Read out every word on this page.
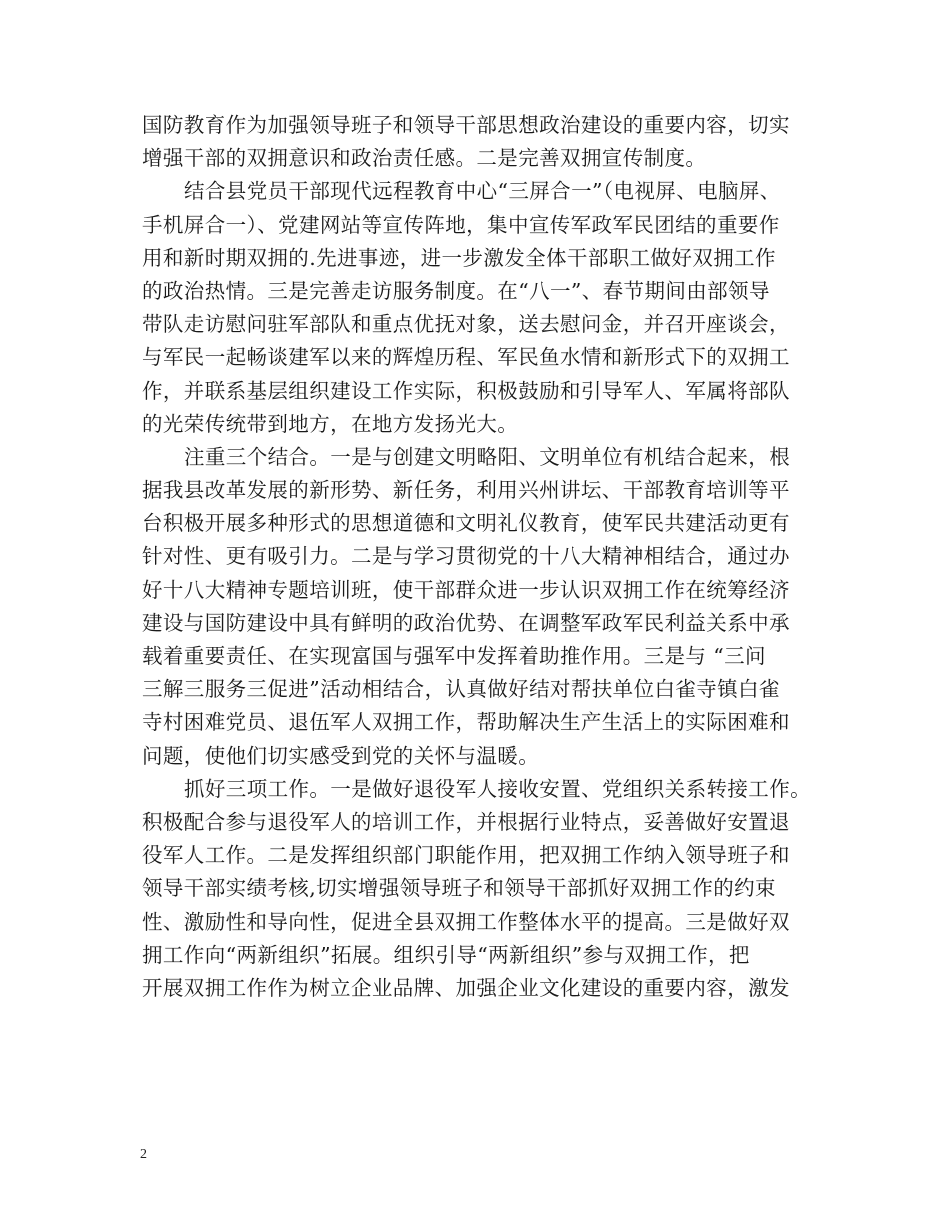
国防教育作为加强领导班子和领导干部思想政治建设的重要内容，切实
增强干部的双拥意识和政治责任感。二是完善双拥宣传制度。
结合县党员干部现代远程教育中心“三屏合一”（电视屏、电脑屏、
手机屏合一）、党建网站等宣传阵地，集中宣传军政军民团结的重要作
用和新时期双拥的.先进事迹，进一步激发全体干部职工做好双拥工作
的政治热情。三是完善走访服务制度。在“八一”、春节期间由部领导
带队走访慰问驻军部队和重点优抚对象，送去慰问金，并召开座谈会，
与军民一起畅谈建军以来的辉煌历程、军民鱼水情和新形式下的双拥工
作，并联系基层组织建设工作实际，积极鼓励和引导军人、军属将部队
的光荣传统带到地方，在地方发扬光大。
注重三个结合。一是与创建文明略阳、文明单位有机结合起来，根
据我县改革发展的新形势、新任务，利用兴州讲坛、干部教育培训等平
台积极开展多种形式的思想道德和文明礼仪教育，使军民共建活动更有
针对性、更有吸引力。二是与学习贯彻党的十八大精神相结合，通过办
好十八大精神专题培训班，使干部群众进一步认识双拥工作在统筹经济
建设与国防建设中具有鲜明的政治优势、在调整军政军民利益关系中承
载着重要责任、在实现富国与强军中发挥着助推作用。三是与 “三问
三解三服务三促进”活动相结合，认真做好结对帮扶单位白雀寺镇白雀
寺村困难党员、退伍军人双拥工作，帮助解决生产生活上的实际困难和
问题，使他们切实感受到党的关怀与温暖。
抓好三项工作。一是做好退役军人接收安置、党组织关系转接工作。
积极配合参与退役军人的培训工作，并根据行业特点，妥善做好安置退
役军人工作。二是发挥组织部门职能作用，把双拥工作纳入领导班子和
领导干部实绩考核,切实增强领导班子和领导干部抓好双拥工作的约束
性、激励性和导向性，促进全县双拥工作整体水平的提高。三是做好双
拥工作向“两新组织”拓展。组织引导“两新组织”参与双拥工作，把
开展双拥工作作为树立企业品牌、加强企业文化建设的重要内容，激发
2
